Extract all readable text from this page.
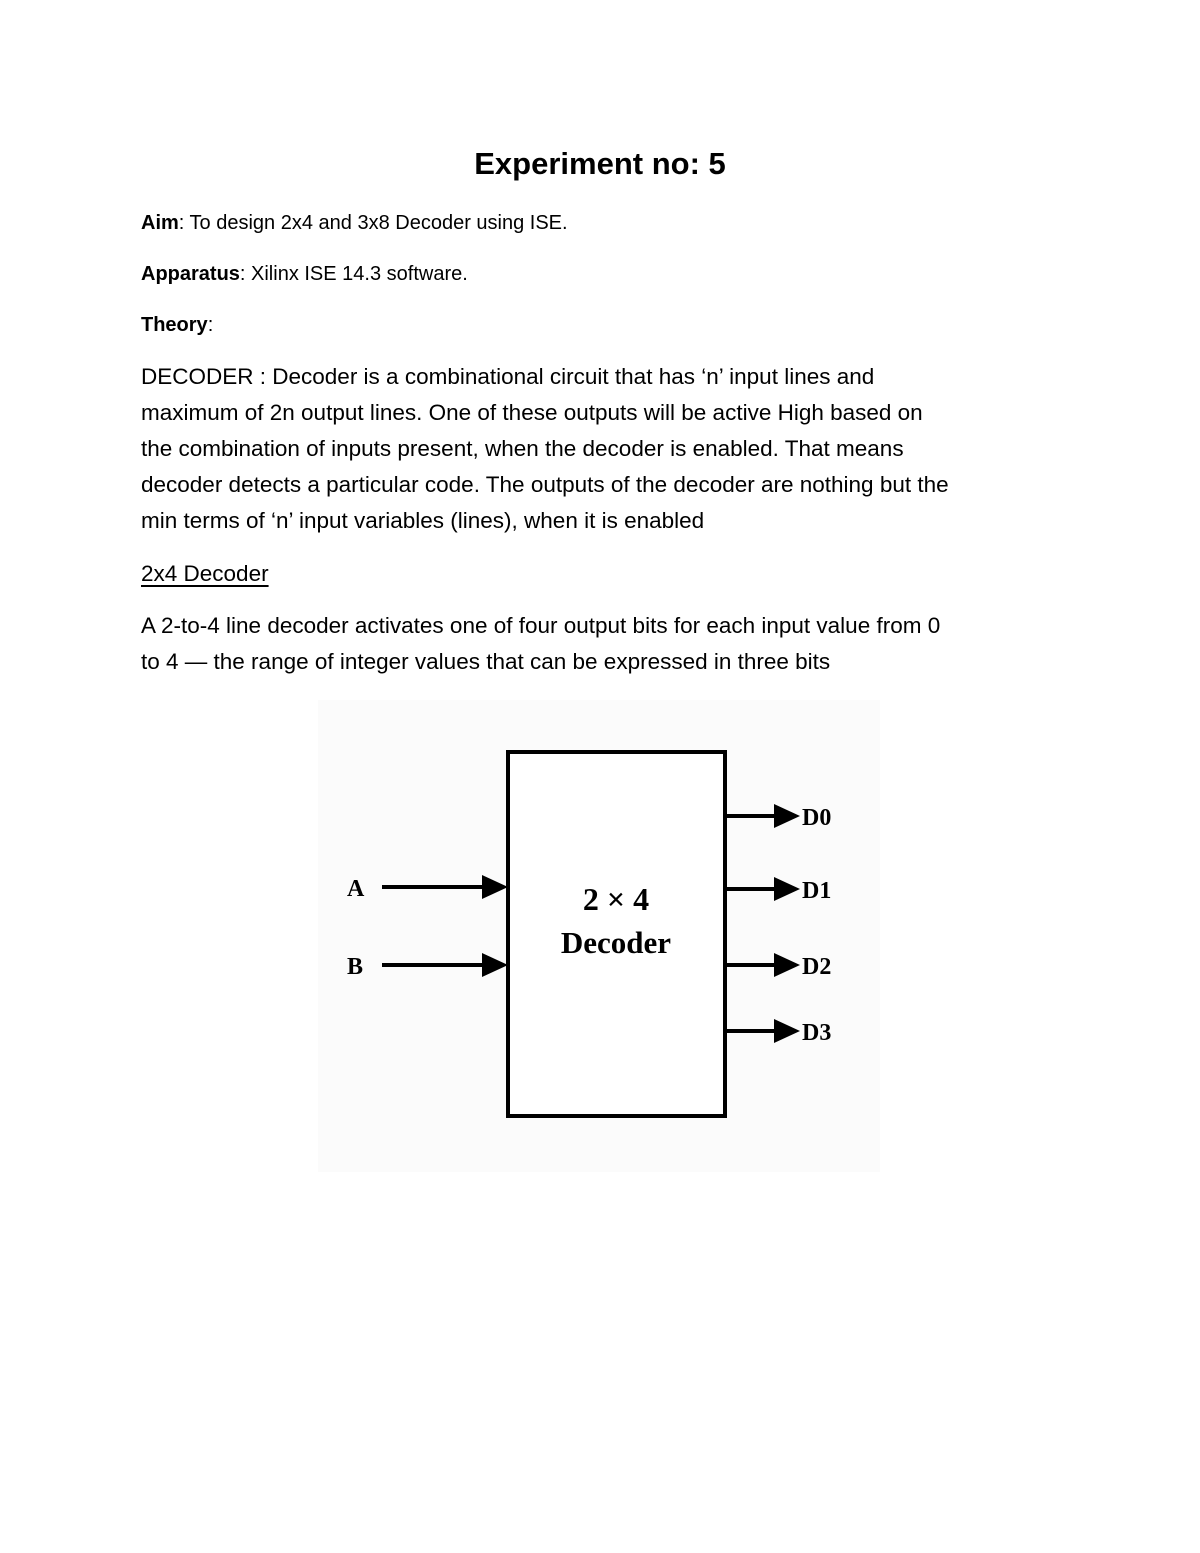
Experiment no: 5
Aim: To design 2x4 and 3x8 Decoder using ISE.
Apparatus: Xilinx ISE 14.3 software.
Theory:

DECODER : Decoder is a combinational circuit that has ‘n’ input lines and
maximum of 2n output lines. One of these outputs will be active High based on
the combination of inputs present, when the decoder is enabled. That means
decoder detects a particular code. The outputs of the decoder are nothing but the
min terms of ‘n’ input variables (lines), when it is enabled

2x4 Decoder

A 2-to-4 line decoder activates one of four output bits for each input value from 0
to 4 — the range of integer values that can be expressed in three bits

2 × 4
Decoder
A
B
D0
D1
D2
D3
